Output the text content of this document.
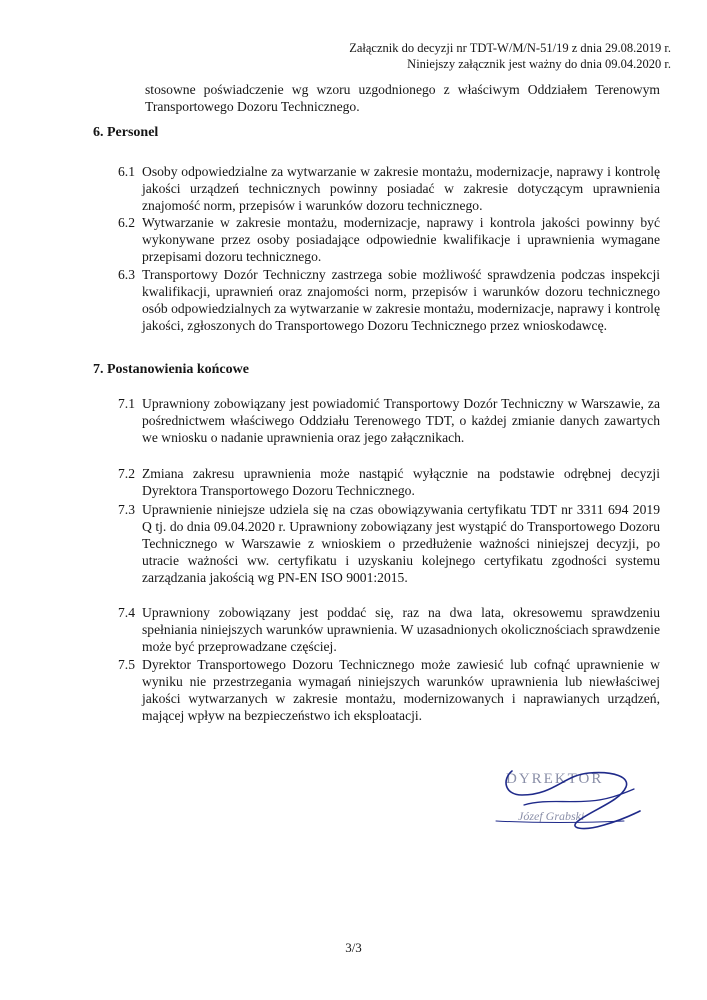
Załącznik do decyzji nr TDT-W/M/N-51/19 z dnia 29.08.2019 r.
Niniejszy załącznik jest ważny do dnia 09.04.2020 r.
stosowne poświadczenie wg wzoru uzgodnionego z właściwym Oddziałem Terenowym Transportowego Dozoru Technicznego.
6. Personel
6.1 Osoby odpowiedzialne za wytwarzanie w zakresie montażu, modernizacje, naprawy i kontrolę jakości urządzeń technicznych powinny posiadać w zakresie dotyczącym uprawnienia znajomość norm, przepisów i warunków dozoru technicznego.
6.2 Wytwarzanie w zakresie montażu, modernizacje, naprawy i kontrola jakości powinny być wykonywane przez osoby posiadające odpowiednie kwalifikacje i uprawnienia wymagane przepisami dozoru technicznego.
6.3 Transportowy Dozór Techniczny zastrzega sobie możliwość sprawdzenia podczas inspekcji kwalifikacji, uprawnień oraz znajomości norm, przepisów i warunków dozoru technicznego osób odpowiedzialnych za wytwarzanie w zakresie montażu, modernizacje, naprawy i kontrolę jakości, zgłoszonych do Transportowego Dozoru Technicznego przez wnioskodawcę.
7. Postanowienia końcowe
7.1 Uprawniony zobowiązany jest powiadomić Transportowy Dozór Techniczny w Warszawie, za pośrednictwem właściwego Oddziału Terenowego TDT, o każdej zmianie danych zawartych we wniosku o nadanie uprawnienia oraz jego załącznikach.
7.2 Zmiana zakresu uprawnienia może nastąpić wyłącznie na podstawie odrębnej decyzji Dyrektora Transportowego Dozoru Technicznego.
7.3 Uprawnienie niniejsze udziela się na czas obowiązywania certyfikatu TDT nr 3311 694 2019 Q tj. do dnia 09.04.2020 r. Uprawniony zobowiązany jest wystąpić do Transportowego Dozoru Technicznego w Warszawie z wnioskiem o przedłużenie ważności niniejszej decyzji, po utracie ważności ww. certyfikatu i uzyskaniu kolejnego certyfikatu zgodności systemu zarządzania jakością wg PN-EN ISO 9001:2015.
7.4 Uprawniony zobowiązany jest poddać się, raz na dwa lata, okresowemu sprawdzeniu spełniania niniejszych warunków uprawnienia. W uzasadnionych okolicznościach sprawdzenie może być przeprowadzane częściej.
7.5 Dyrektor Transportowego Dozoru Technicznego może zawiesić lub cofnąć uprawnienie w wyniku nie przestrzegania wymagań niniejszych warunków uprawnienia lub niewłaściwej jakości wytwarzanych w zakresie montażu, modernizowanych i naprawianych urządzeń, mającej wpływ na bezpieczeństwo ich eksploatacji.
DYREKTOR
Józef Grabski
3/3
